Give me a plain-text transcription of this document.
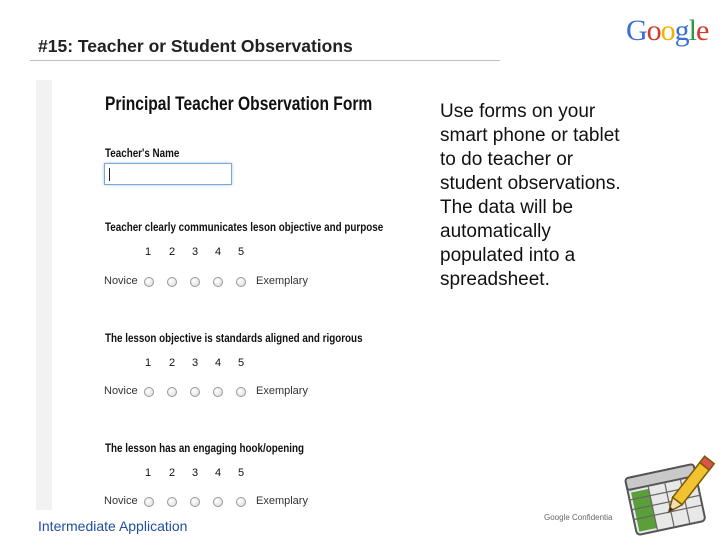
#15: Teacher or Student Observations	Google
Principal Teacher Observation Form
Teacher's Name
Teacher clearly communicates leson objective and purpose
1 2 3 4 5
Novice	Exemplary
The lesson objective is standards aligned and rigorous
1 2 3 4 5
Novice	Exemplary
The lesson has an engaging hook/opening
1 2 3 4 5
Novice	Exemplary
Use forms on your
smart phone or tablet
to do teacher or
student observations.
The data will be
automatically
populated into a
spreadsheet.
Intermediate Application
Google Confidentia
